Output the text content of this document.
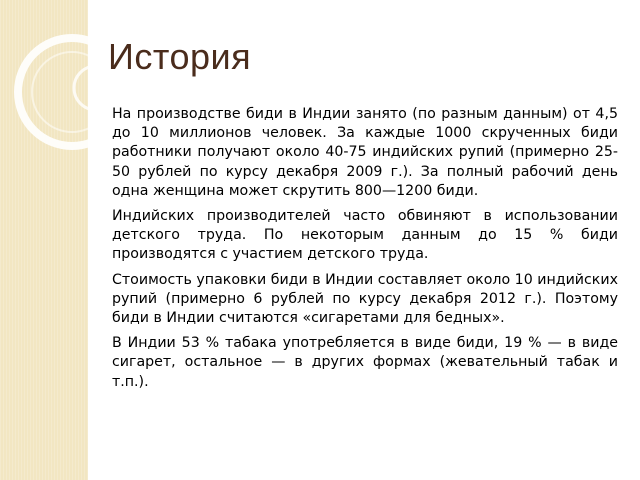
История

На производстве биди в Индии занято (по разным данным) от 4,5 до 10 миллионов человек. За каждые 1000 скрученных биди работники получают около 40-75 индийских рупий (примерно 25-50 рублей по курсу декабря 2009 г.). За полный рабочий день одна женщина может скрутить 800—1200 биди.

Индийских производителей часто обвиняют в использовании детского труда. По некоторым данным до 15 % биди производятся с участием детского труда.

Стоимость упаковки биди в Индии составляет около 10 индийских рупий (примерно 6 рублей по курсу декабря 2012 г.). Поэтому биди в Индии считаются «сигаретами для бедных».

В Индии 53 % табака употребляется в виде биди, 19 % — в виде сигарет, остальное — в других формах (жевательный табак и т.п.).
